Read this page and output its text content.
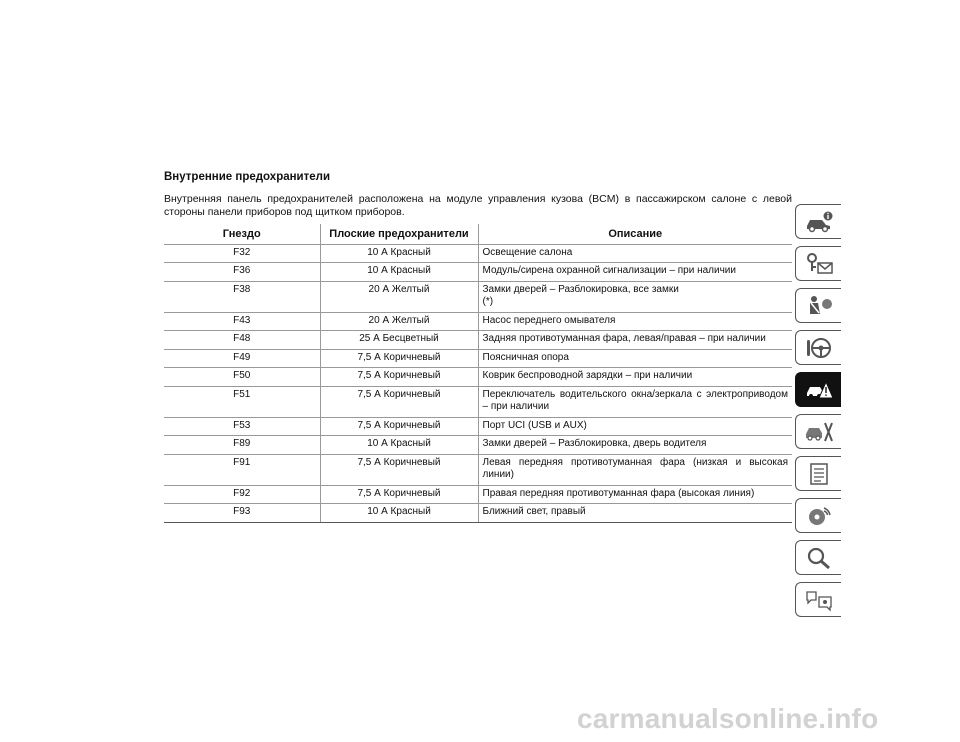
Внутренние предохранители

Внутренняя панель предохранителей расположена на модуле управления кузова (BCM) в пассажирском салоне с левой стороны панели приборов под щитком приборов.

Гнездо	Плоские предохранители	Описание
F32	10 А Красный	Освещение салона
F36	10 А Красный	Модуль/сирена охранной сигнализации – при наличии
F38	20 А Желтый	Замки дверей – Разблокировка, все замки
(*)

F43	20 А Желтый	Насос переднего омывателя
F48	25 А Бесцветный	Задняя противотуманная фара, левая/правая – при наличии
F49	7,5 А Коричневый	Поясничная опора
F50	7,5 А Коричневый	Коврик беспроводной зарядки – при наличии
F51	7,5 А Коричневый	Переключатель водительского окна/зеркала с электроприводом – при наличии
F53	7,5 А Коричневый	Порт UCI (USB и AUX)
F89	10 А Красный	Замки дверей – Разблокировка, дверь водителя
F91	7,5 А Коричневый	Левая передняя противотуманная фара (низкая и высокая линии)
F92	7,5 А Коричневый	Правая передняя противотуманная фара (высокая линия)
F93	10 А Красный	Ближний свет, правый
carmanualsonline.info
